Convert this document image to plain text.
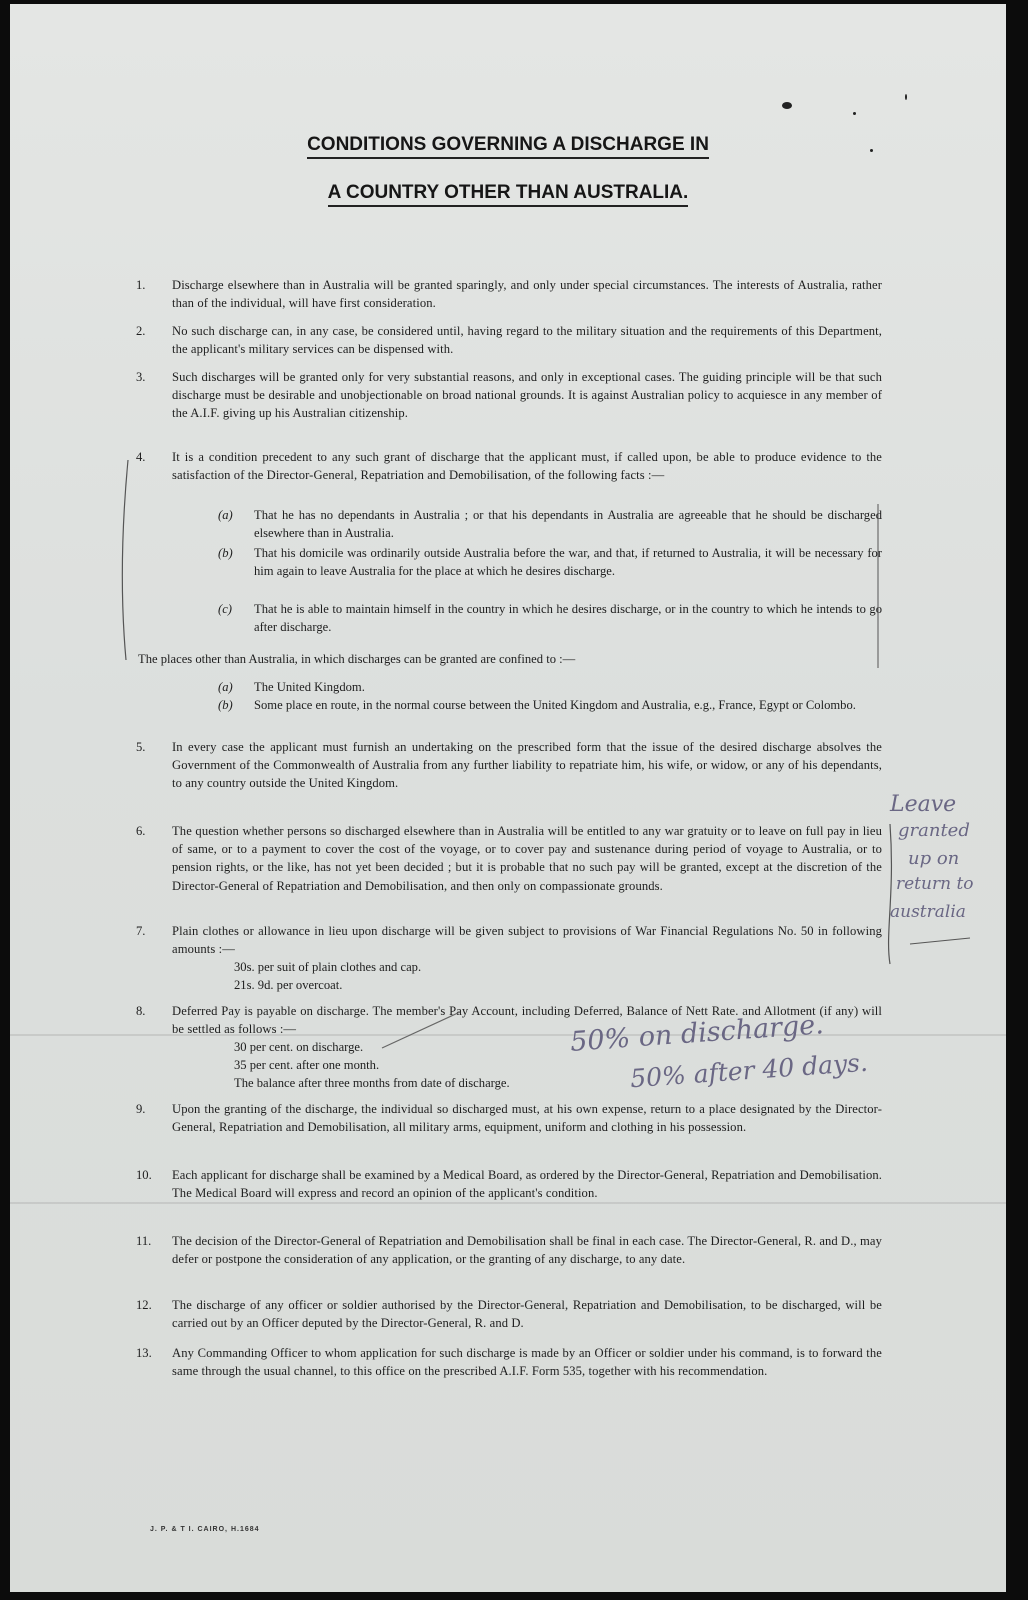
CONDITIONS GOVERNING A DISCHARGE IN
A COUNTRY OTHER THAN AUSTRALIA.
1. Discharge elsewhere than in Australia will be granted sparingly, and only under special circumstances. The interests of Australia, rather than of the individual, will have first consideration.
2. No such discharge can, in any case, be considered until, having regard to the military situation and the requirements of this Department, the applicant's military services can be dispensed with.
3. Such discharges will be granted only for very substantial reasons, and only in exceptional cases. The guiding principle will be that such discharge must be desirable and unobjectionable on broad national grounds. It is against Australian policy to acquiesce in any member of the A.I.F. giving up his Australian citizenship.
4. It is a condition precedent to any such grant of discharge that the applicant must, if called upon, be able to produce evidence to the satisfaction of the Director-General, Repatriation and Demobilisation, of the following facts :—
(a) That he has no dependants in Australia ; or that his dependants in Australia are agreeable that he should be discharged elsewhere than in Australia.
(b) That his domicile was ordinarily outside Australia before the war, and that, if returned to Australia, it will be necessary for him again to leave Australia for the place at which he desires discharge.
(c) That he is able to maintain himself in the country in which he desires discharge, or in the country to which he intends to go after discharge.
The places other than Australia, in which discharges can be granted are confined to :—
(a) The United Kingdom.
(b) Some place en route, in the normal course between the United Kingdom and Australia, e.g., France, Egypt or Colombo.
5. In every case the applicant must furnish an undertaking on the prescribed form that the issue of the desired discharge absolves the Government of the Commonwealth of Australia from any further liability to repatriate him, his wife, or widow, or any of his dependants, to any country outside the United Kingdom.
6. The question whether persons so discharged elsewhere than in Australia will be entitled to any war gratuity or to leave on full pay in lieu of same, or to a payment to cover the cost of the voyage, or to cover pay and sustenance during period of voyage to Australia, or to pension rights, or the like, has not yet been decided ; but it is probable that no such pay will be granted, except at the discretion of the Director-General of Repatriation and Demobilisation, and then only on compassionate grounds.
7. Plain clothes or allowance in lieu upon discharge will be given subject to provisions of War Financial Regulations No. 50 in following amounts :—
30s. per suit of plain clothes and cap.
21s. 9d. per overcoat.
8. Deferred Pay is payable on discharge. The member's Pay Account, including Deferred, Balance of Nett Rate. and Allotment (if any) will be settled as follows :—
30 per cent. on discharge.
35 per cent. after one month.
The balance after three months from date of discharge.
9. Upon the granting of the discharge, the individual so discharged must, at his own expense, return to a place designated by the Director-General, Repatriation and Demobilisation, all military arms, equipment, uniform and clothing in his possession.
10. Each applicant for discharge shall be examined by a Medical Board, as ordered by the Director-General, Repatriation and Demobilisation. The Medical Board will express and record an opinion of the applicant's condition.
11. The decision of the Director-General of Repatriation and Demobilisation shall be final in each case. The Director-General, R. and D., may defer or postpone the consideration of any application, or the granting of any discharge, to any date.
12. The discharge of any officer or soldier authorised by the Director-General, Repatriation and Demobilisation, to be discharged, will be carried out by an Officer deputed by the Director-General, R. and D.
13. Any Commanding Officer to whom application for such discharge is made by an Officer or soldier under his command, is to forward the same through the usual channel, to this office on the prescribed A.I.F. Form 535, together with his recommendation.
Leave
granted
up on
return to
australia
50% on discharge.
50% after 40 days.
J. P. & T I. CAIRO, H.1684
